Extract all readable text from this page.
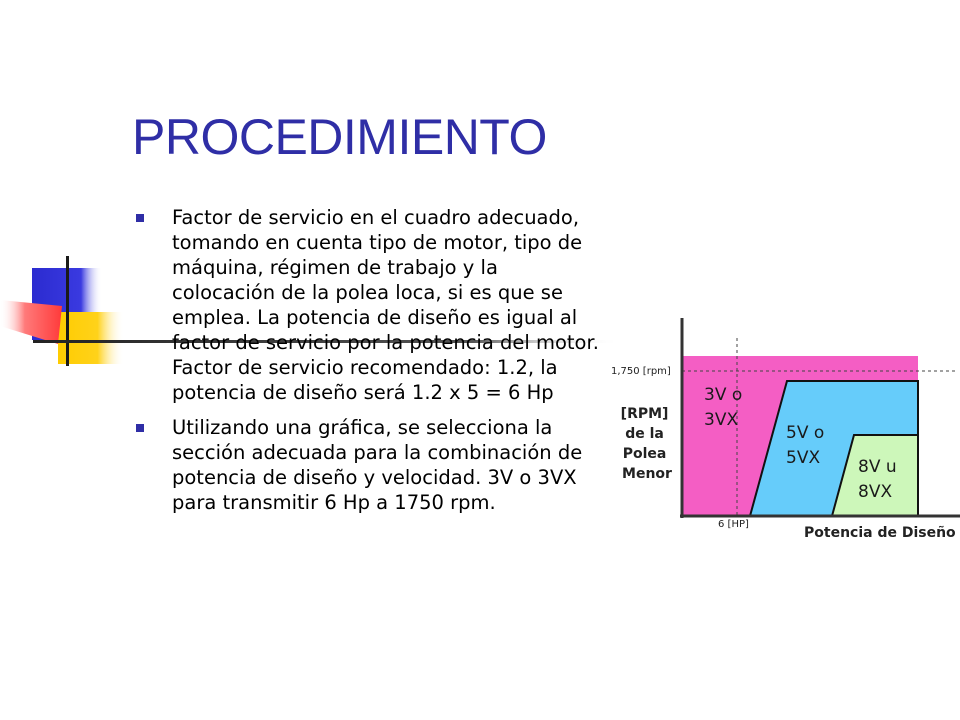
PROCEDIMIENTO
Factor de servicio en el cuadro adecuado, tomando en cuenta tipo de motor, tipo de máquina, régimen de trabajo y la colocación de la polea loca, si es que se emplea. La potencia de diseño es igual al factor de servicio por la potencia del motor. Factor de servicio recomendado: 1.2, la potencia de diseño será 1.2 x 5 = 6 Hp
Utilizando una gráfica, se selecciona la sección adecuada para la combinación de potencia de diseño y velocidad. 3V o 3VX para transmitir 6 Hp a 1750 rpm.
1,750 [rpm]
6 [HP]
[RPM] de la Polea Menor
Potencia de Diseño
3V o 3VX
5V o 5VX	8V u 8VX
